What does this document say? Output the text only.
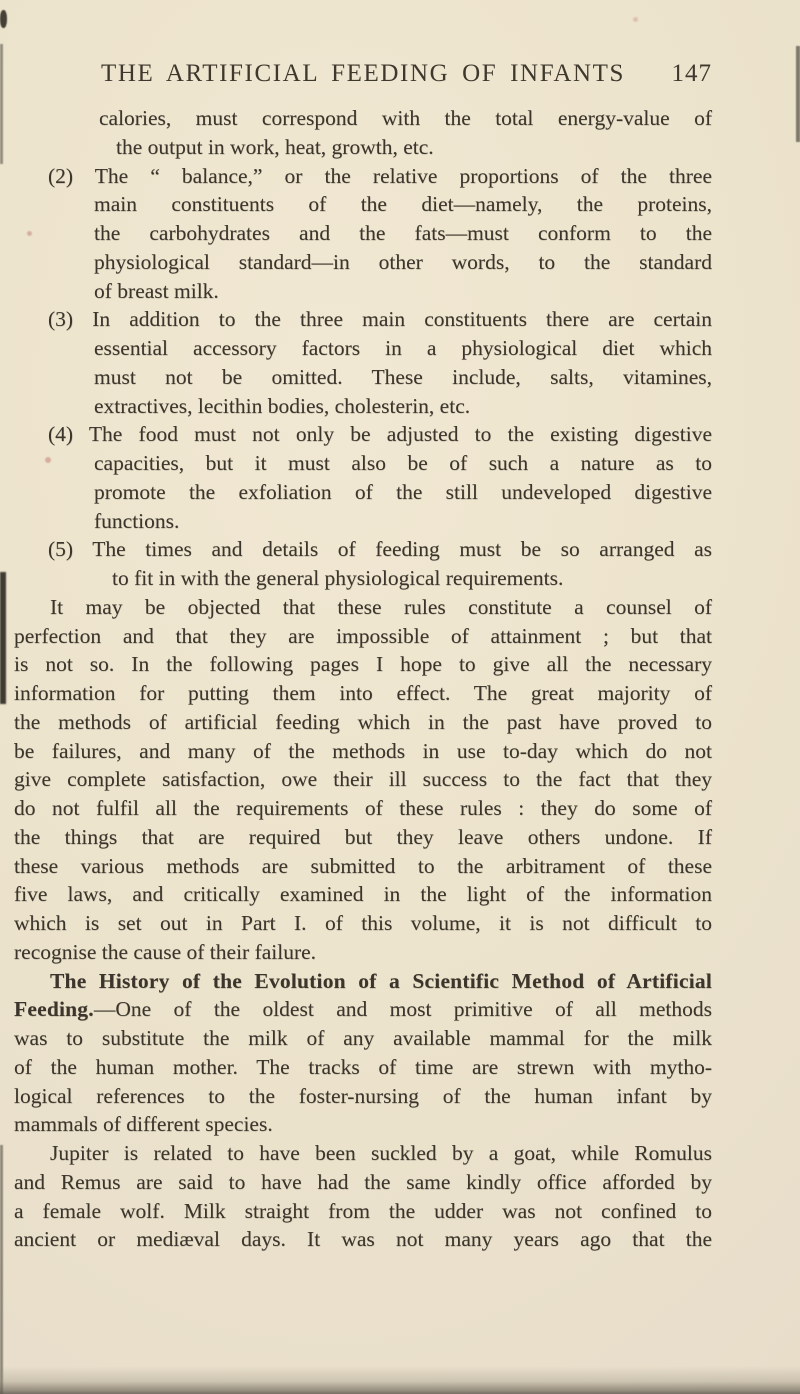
THE ARTIFICIAL FEEDING OF INFANTS	147
calories, must correspond with the total energy-value of
the output in work, heat, growth, etc.
(2) The “ balance,” or the relative proportions of the three
main constituents of the diet—namely, the proteins,
the carbohydrates and the fats—must conform to the
physiological standard—in other words, to the standard
of breast milk.
(3) In addition to the three main constituents there are certain
essential accessory factors in a physiological diet which
must not be omitted. These include, salts, vitamines,
extractives, lecithin bodies, cholesterin, etc.
(4) The food must not only be adjusted to the existing digestive
capacities, but it must also be of such a nature as to
promote the exfoliation of the still undeveloped digestive
functions.
(5) The times and details of feeding must be so arranged as
to fit in with the general physiological requirements.
It may be objected that these rules constitute a counsel of
perfection and that they are impossible of attainment ; but that
is not so. In the following pages I hope to give all the necessary
information for putting them into effect. The great majority of
the methods of artificial feeding which in the past have proved to
be failures, and many of the methods in use to-day which do not
give complete satisfaction, owe their ill success to the fact that they
do not fulfil all the requirements of these rules : they do some of
the things that are required but they leave others undone. If
these various methods are submitted to the arbitrament of these
five laws, and critically examined in the light of the information
which is set out in Part I. of this volume, it is not difficult to
recognise the cause of their failure.
The History of the Evolution of a Scientific Method of Artificial
Feeding.—One of the oldest and most primitive of all methods
was to substitute the milk of any available mammal for the milk
of the human mother. The tracks of time are strewn with mytho-
logical references to the foster-nursing of the human infant by
mammals of different species.
Jupiter is related to have been suckled by a goat, while Romulus
and Remus are said to have had the same kindly office afforded by
a female wolf. Milk straight from the udder was not confined to
ancient or mediæval days. It was not many years ago that the
